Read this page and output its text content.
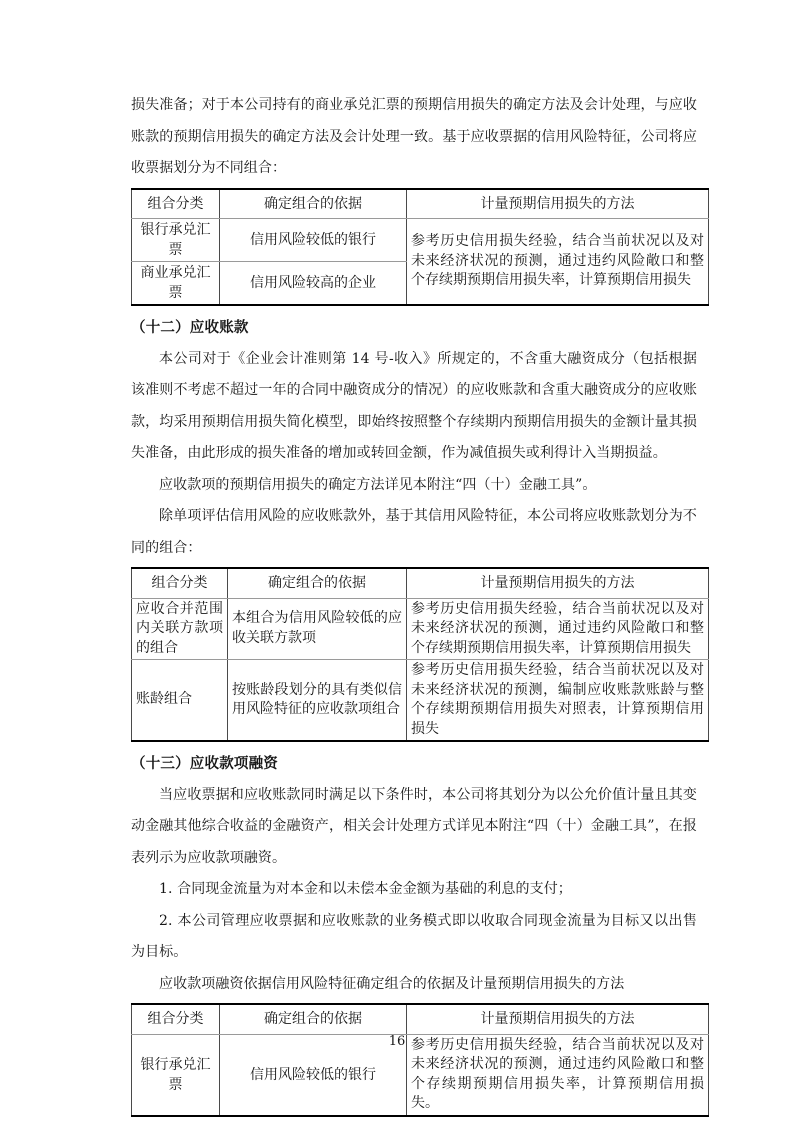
损失准备；对于本公司持有的商业承兑汇票的预期信用损失的确定方法及会计处理，与应收账款的预期信用损失的确定方法及会计处理一致。基于应收票据的信用风险特征，公司将应收票据划分为不同组合：

组合分类	确定组合的依据	计量预期信用损失的方法
银行承兑汇票	信用风险较低的银行	参考历史信用损失经验，结合当前状况以及对未来经济状况的预测，通过违约风险敞口和整个存续期预期信用损失率，计算预期信用损失
商业承兑汇票	信用风险较高的企业	
（十二）应收账款

本公司对于《企业会计准则第 14 号-收入》所规定的，不含重大融资成分（包括根据该准则不考虑不超过一年的合同中融资成分的情况）的应收账款和含重大融资成分的应收账款，均采用预期信用损失简化模型，即始终按照整个存续期内预期信用损失的金额计量其损失准备，由此形成的损失准备的增加或转回金额，作为减值损失或利得计入当期损益。

应收款项的预期信用损失的确定方法详见本附注“四（十）金融工具”。

除单项评估信用风险的应收账款外，基于其信用风险特征，本公司将应收账款划分为不同的组合：

组合分类	确定组合的依据	计量预期信用损失的方法
应收合并范围内关联方款项的组合	本组合为信用风险较低的应收关联方款项	参考历史信用损失经验，结合当前状况以及对未来经济状况的预测，通过违约风险敞口和整个存续期预期信用损失率，计算预期信用损失
账龄组合	按账龄段划分的具有类似信用风险特征的应收款项组合	参考历史信用损失经验，结合当前状况以及对未来经济状况的预测，编制应收账款账龄与整个存续期预期信用损失对照表，计算预期信用损失
（十三）应收款项融资

当应收票据和应收账款同时满足以下条件时，本公司将其划分为以公允价值计量且其变动金融其他综合收益的金融资产，相关会计处理方式详见本附注“四（十）金融工具”，在报表列示为应收款项融资。

1. 合同现金流量为对本金和以未偿本金金额为基础的利息的支付；

2. 本公司管理应收票据和应收账款的业务模式即以收取合同现金流量为目标又以出售为目标。

应收款项融资依据信用风险特征确定组合的依据及计量预期信用损失的方法

组合分类	确定组合的依据	计量预期信用损失的方法
银行承兑汇票	信用风险较低的银行	参考历史信用损失经验，结合当前状况以及对未来经济状况的预测，通过违约风险敞口和整个存续期预期信用损失率，计算预期信用损失。
16
